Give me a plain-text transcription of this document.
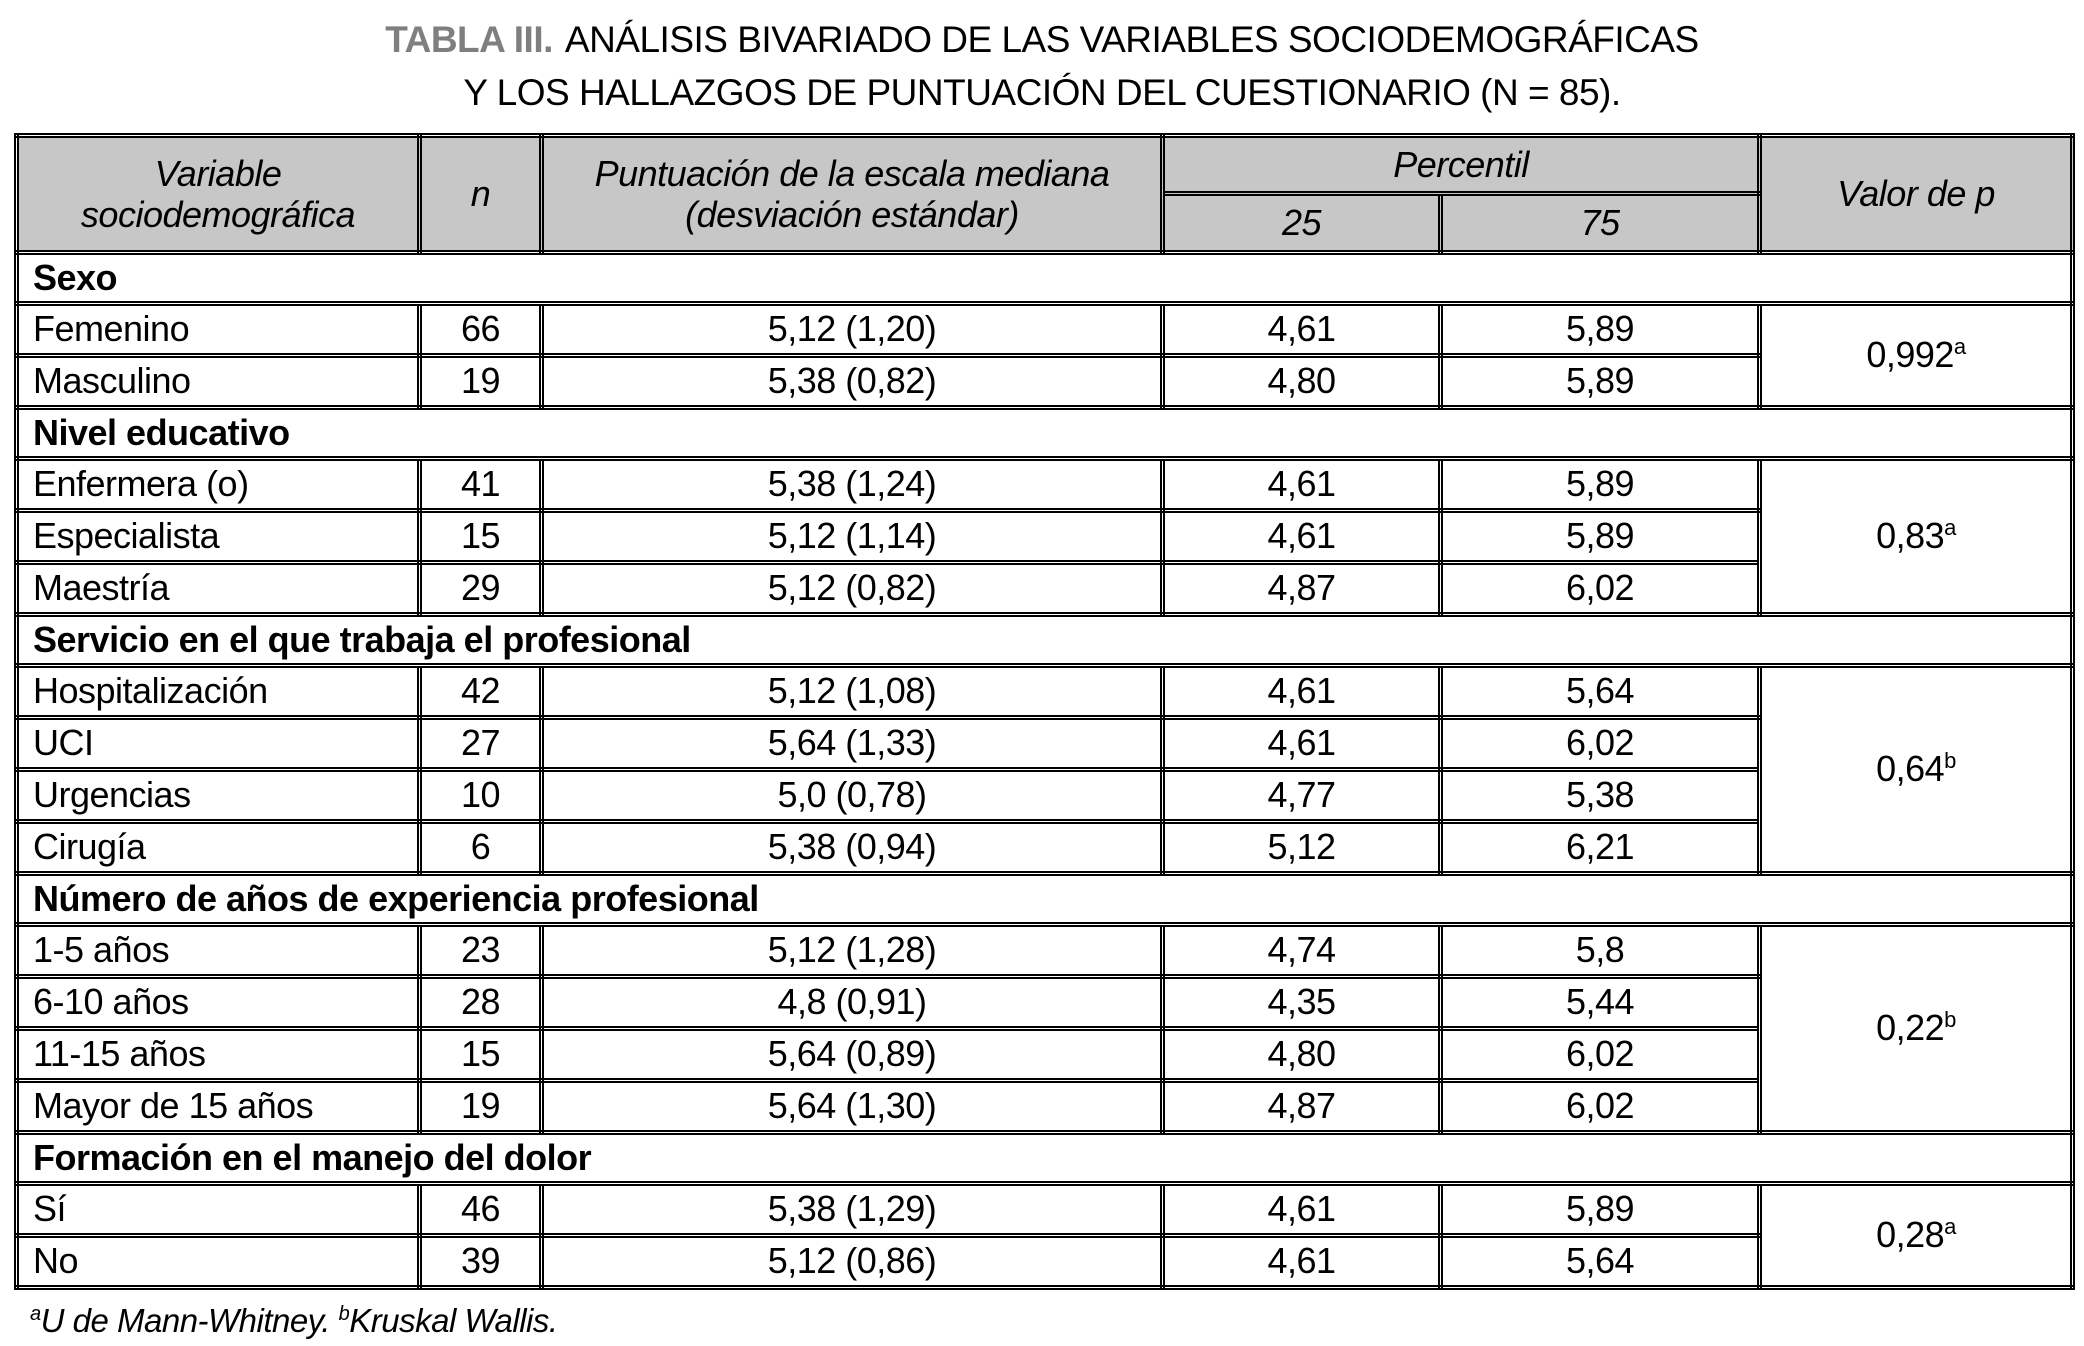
TABLA III. ANÁLISIS BIVARIADO DE LAS VARIABLES SOCIODEMOGRÁFICAS
Y LOS HALLAZGOS DE PUNTUACIÓN DEL CUESTIONARIO (N = 85).
Variable sociodemográfica	n	Puntuación de la escala mediana (desviación estándar)	Percentil		Valor de p
			25	75	
Sexo					
Femenino	66	5,12 (1,20)	4,61	5,89	0,992$^a$
Masculino	19	5,38 (0,82)	4,80	5,89	
Nivel educativo					
Enfermera (o)	41	5,38 (1,24)	4,61	5,89	0,83$^a$
Especialista	15	5,12 (1,14)	4,61	5,89	
Maestría	29	5,12 (0,82)	4,87	6,02	
Servicio en el que trabaja el profesional					
Hospitalización	42	5,12 (1,08)	4,61	5,64	0,64$^b$
UCI	27	5,64 (1,33)	4,61	6,02	
Urgencias	10	5,0 (0,78)	4,77	5,38	
Cirugía	6	5,38 (0,94)	5,12	6,21	
Número de años de experiencia profesional					
1-5 años	23	5,12 (1,28)	4,74	5,8	0,22$^b$
6-10 años	28	4,8 (0,91)	4,35	5,44	
11-15 años	15	5,64 (0,89)	4,80	6,02	
Mayor de 15 años	19	5,64 (1,30)	4,87	6,02	
Formación en el manejo del dolor					
Sí	46	5,38 (1,29)	4,61	5,89	0,28$^a$
No	39	5,12 (0,86)	4,61	5,64	

$^a$U de Mann-Whitney. $^b$Kruskal Wallis.
